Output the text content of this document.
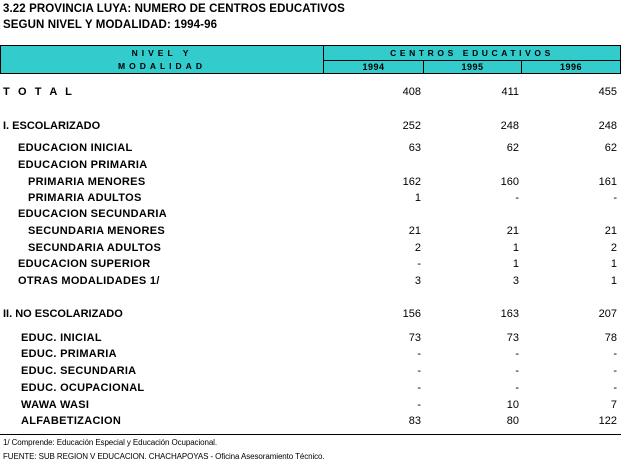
3.22 PROVINCIA LUYA: NUMERO DE CENTROS EDUCATIVOS
SEGUN NIVEL Y MODALIDAD: 1994-96
NIVEL Y
MODALIDAD
CENTROS EDUCATIVOS
1994	1995	1996
T O T A L	408	411	455
I. ESCOLARIZADO	252	248	248
EDUCACION INICIAL	63	62	62
EDUCACION PRIMARIA
PRIMARIA MENORES	162	160	161
PRIMARIA ADULTOS	1	-	-
EDUCACION SECUNDARIA
SECUNDARIA MENORES	21	21	21
SECUNDARIA ADULTOS	2	1	2
EDUCACION SUPERIOR	-	1	1
OTRAS MODALIDADES 1/	3	3	1
II. NO ESCOLARIZADO	156	163	207
EDUC. INICIAL	73	73	78
EDUC. PRIMARIA	-	-	-
EDUC. SECUNDARIA	-	-	-
EDUC. OCUPACIONAL	-	-	-
WAWA WASI	-	10	7
ALFABETIZACION	83	80	122
1/ Comprende: Educación Especial y Educación Ocupacional.
FUENTE: SUB REGION V EDUCACION. CHACHAPOYAS - Oficina Asesoramiento Técnico.
